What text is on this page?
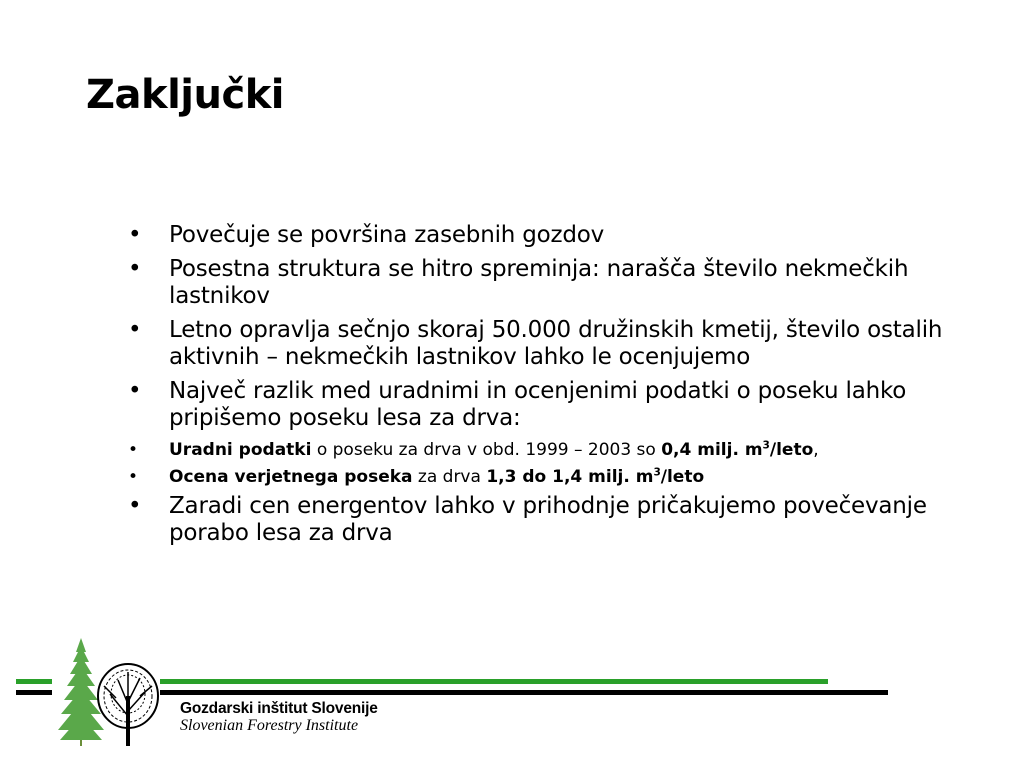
Zaključki
• Povečuje se površina zasebnih gozdov
• Posestna struktura se hitro spreminja: narašča število nekmečkih lastnikov
• Letno opravlja sečnjo skoraj 50.000 družinskih kmetij, število ostalih aktivnih – nekmečkih lastnikov lahko le ocenjujemo
• Največ razlik med uradnimi in ocenjenimi podatki o poseku lahko pripišemo poseku lesa za drva:
•	Uradni podatki o poseku za drva v obd. 1999 – 2003 so 0,4 milj. $m^3$/leto,
•	Ocena verjetnega poseka za drva 1,3 do 1,4 milj. $m^3$/leto
• Zaradi cen energentov lahko v prihodnje pričakujemo povečevanje porabo lesa za drva
Gozdarski inštitut Slovenije
Slovenian Forestry Institute
